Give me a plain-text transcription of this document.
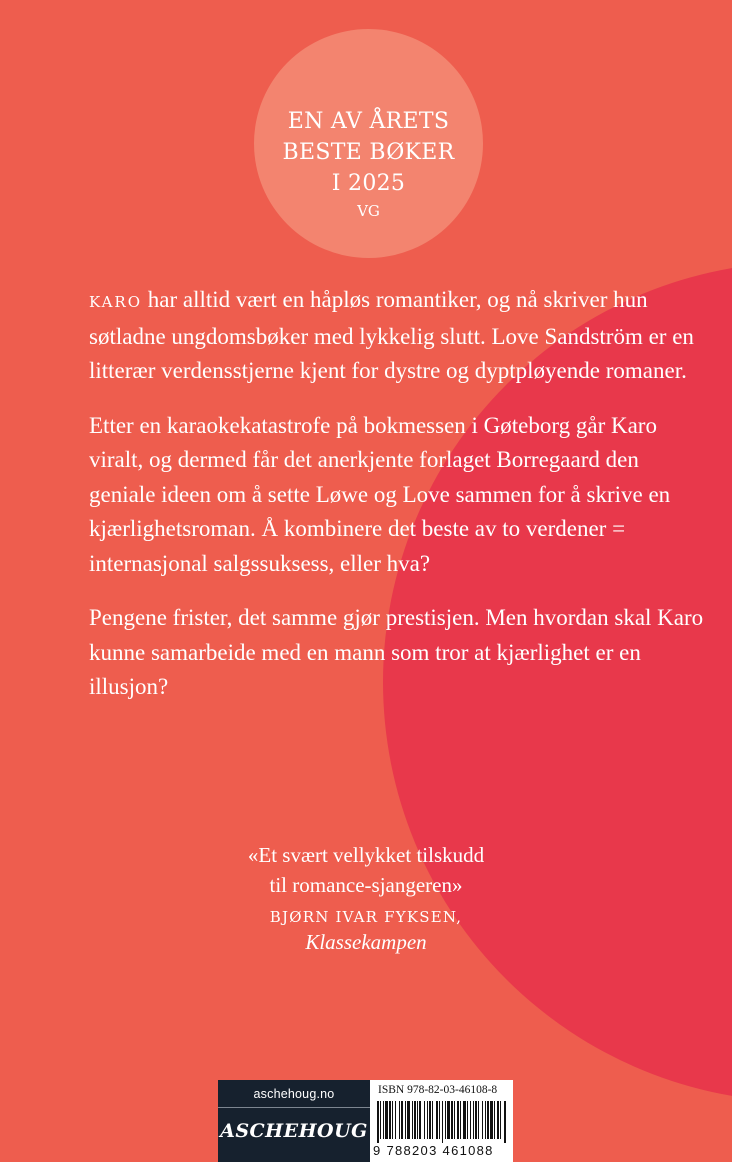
EN AV ÅRETS
BESTE BØKER
I 2025
VG

KARO har alltid vært en håpløs romantiker, og nå skriver hun søtladne ungdomsbøker med lykkelig slutt. Love Sandström er en litterær verdensstjerne kjent for dystre og dyptpløyende romaner.

Etter en karaokekatastrofe på bokmessen i Gøteborg går Karo viralt, og dermed får det anerkjente forlaget Borregaard den geniale ideen om å sette Løwe og Love sammen for å skrive en kjærlighetsroman. Å kombinere det beste av to verdener = internasjonal salgssuksess, eller hva?

Pengene frister, det samme gjør prestisjen. Men hvordan skal Karo kunne samarbeide med en mann som tror at kjærlighet er en illusjon?

«Et svært vellykket tilskudd
til romance-sjangeren»
BJØRN IVAR FYKSEN,
Klassekampen
aschehoug.no
ASCHEHOUG
ISBN 978-82-03-46108-8
9 788203 461088
